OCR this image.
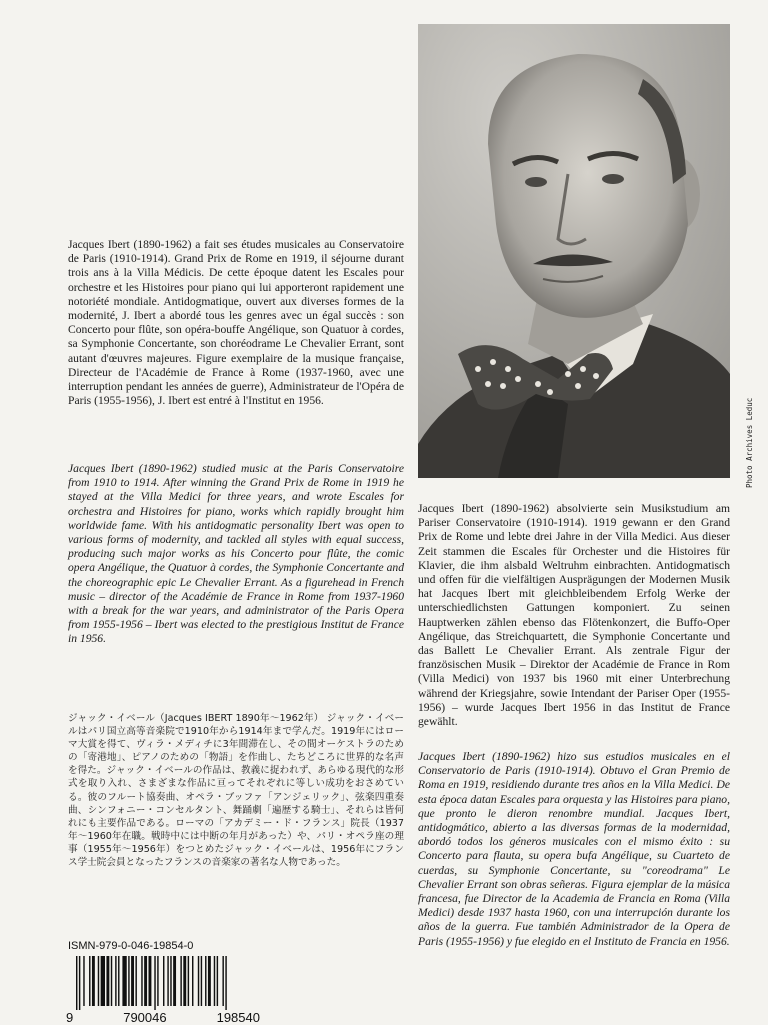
Photo Archives Leduc

Jacques Ibert (1890-1962) a fait ses études musicales au Conservatoire de Paris (1910-1914). Grand Prix de Rome en 1919, il séjourne durant trois ans à la Villa Médicis. De cette époque datent les Escales pour orchestre et les Histoires pour piano qui lui apporteront rapidement une notoriété mondiale. Antidogmatique, ouvert aux diverses formes de la modernité, J. Ibert a abordé tous les genres avec un égal succès : son Concerto pour flûte, son opéra-bouffe Angélique, son Quatuor à cordes, sa Symphonie Concertante, son choréodrame Le Chevalier Errant, sont autant d'œuvres majeures. Figure exemplaire de la musique française, Directeur de l'Académie de France à Rome (1937-1960, avec une interruption pendant les années de guerre), Administrateur de l'Opéra de Paris (1955-1956), J. Ibert est entré à l'Institut en 1956.

Jacques Ibert (1890-1962) studied music at the Paris Conservatoire from 1910 to 1914. After winning the Grand Prix de Rome in 1919 he stayed at the Villa Medici for three years, and wrote Escales for orchestra and Histoires for piano, works which rapidly brought him worldwide fame. With his antidogmatic personality Ibert was open to various forms of modernity, and tackled all styles with equal success, producing such major works as his Concerto pour flûte, the comic opera Angélique, the Quatuor à cordes, the Symphonie Concertante and the choreographic epic Le Chevalier Errant. As a figurehead in French music – director of the Académie de France in Rome from 1937-1960 with a break for the war years, and administrator of the Paris Opera from 1955-1956 – Ibert was elected to the prestigious Institut de France in 1956.

ジャック・イベール（Jacques IBERT 1890年〜1962年） ジャック・イベールはパリ国立高等音楽院で1910年から1914年まで学んだ。1919年にはローマ大賞を得て、ヴィラ・メディチに3年間滞在し、その間オーケストラのための「寄港地」、ピアノのための「物語」を作曲し、たちどころに世界的な名声を得た。ジャック・イベールの作品は、教義に捉われず、あらゆる現代的な形式を取り入れ、さまざまな作品に亘ってそれぞれに等しい成功をおさめている。彼のフルート協奏曲、オペラ・ブッファ「アンジェリック」、弦楽四重奏曲、シンフォニー・コンセルタント、舞踊劇「遍歴する騎士」、それらは皆何れにも主要作品である。ローマの「アカデミー・ド・フランス」院長（1937年〜1960年在職。戦時中には中断の年月があった）や、パリ・オペラ座の理事（1955年〜1956年）をつとめたジャック・イベールは、1956年にフランス学士院会員となったフランスの音楽家の著名な人物であった。

Jacques Ibert (1890-1962) absolvierte sein Musikstudium am Pariser Conservatoire (1910-1914). 1919 gewann er den Grand Prix de Rome und lebte drei Jahre in der Villa Medici. Aus dieser Zeit stammen die Escales für Orchester und die Histoires für Klavier, die ihm alsbald Weltruhm einbrachten. Antidogmatisch und offen für die vielfältigen Ausprägungen der Modernen Musik hat Jacques Ibert mit gleichbleibendem Erfolg Werke der unterschiedlichsten Gattungen komponiert. Zu seinen Hauptwerken zählen ebenso das Flötenkonzert, die Buffo-Oper Angélique, das Streichquartett, die Symphonie Concertante und das Ballett Le Chevalier Errant. Als zentrale Figur der französischen Musik – Direktor der Académie de France in Rom (Villa Medici) von 1937 bis 1960 mit einer Unterbrechung während der Kriegsjahre, sowie Intendant der Pariser Oper (1955-1956) – wurde Jacques Ibert 1956 in das Institut de France gewählt.

Jacques Ibert (1890-1962) hizo sus estudios musicales en el Conservatorio de Paris (1910-1914). Obtuvo el Gran Premio de Roma en 1919, residiendo durante tres años en la Villa Medici. De esta época datan Escales para orquesta y las Histoires para piano, que pronto le dieron renombre mundial. Jacques Ibert, antidogmático, abierto a las diversas formas de la modernidad, abordó todos los géneros musicales con el mismo éxito : su Concerto para flauta, su opera bufa Angélique, su Cuarteto de cuerdas, su Symphonie Concertante, su "coreodrama" Le Chevalier Errant son obras señeras. Figura ejemplar de la música francesa, fue Director de la Academia de Francia en Roma (Villa Medici) desde 1937 hasta 1960, con una interrupción durante los años de la guerra. Fue también Administrador de la Opera de Paris (1955-1956) y fue elegido en el Instituto de Francia en 1956.

ISMN-979-0-046-19854-0
9	790046	198540
